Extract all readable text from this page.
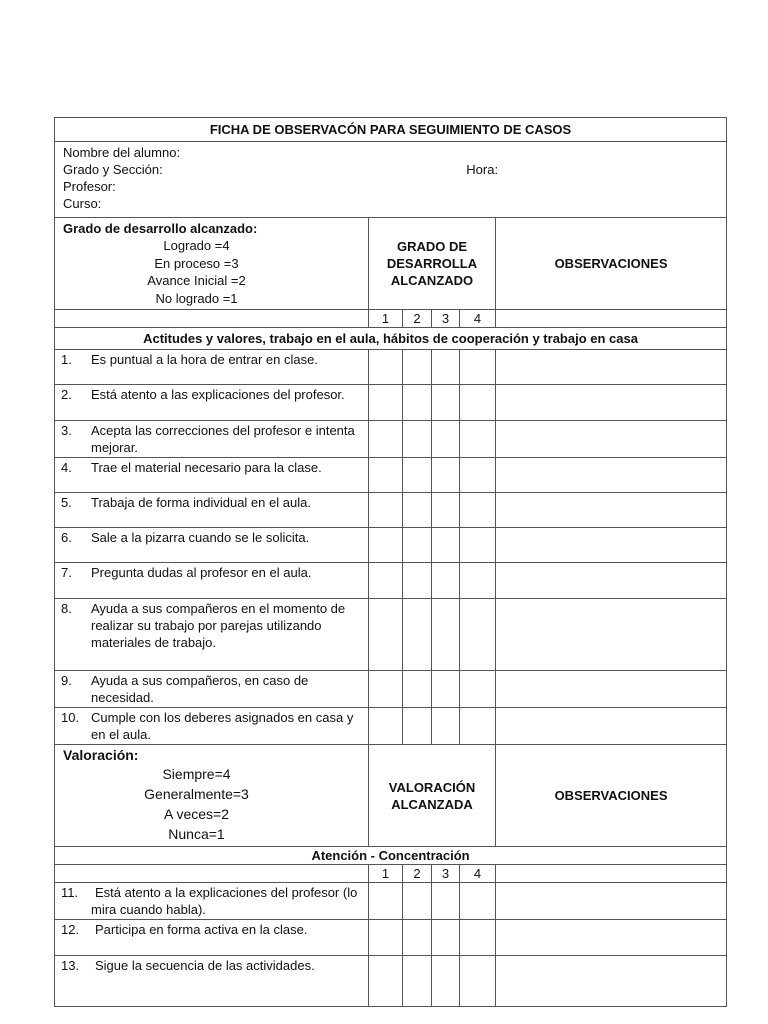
FICHA DE OBSERVACÓN PARA SEGUIMIENTO DE CASOS					

Nombre del alumno:
Grado y Sección: Hora:
Profesor:
Curso:					

Grado de desarrollo alcanzado:
Logrado =4
En proceso =3
Avance Inicial =2
No logrado =1	GRADO DE DESARROLLA ALCANZADO				OBSERVACIONES
	1	2	3	4	
Actitudes y valores, trabajo en el aula, hábitos de cooperación y trabajo en casa					
1. Es puntual a la hora de entrar en clase.					
2. Está atento a las explicaciones del profesor.					
3. Acepta las correcciones del profesor e intenta mejorar.					
4. Trae el material necesario para la clase.					
5. Trabaja de forma individual en el aula.					
6. Sale a la pizarra cuando se le solicita.					
7. Pregunta dudas al profesor en el aula.					
8. Ayuda a sus compañeros en el momento de realizar su trabajo por parejas utilizando materiales de trabajo.					
9. Ayuda a sus compañeros, en caso de necesidad.					
10. Cumple con los deberes asignados en casa y en el aula.					

Valoración:
Siempre=4
Generalmente=3
A veces=2
Nunca=1	VALORACIÓN ALCANZADA				OBSERVACIONES
Atención - Concentración					
	1	2	3	4	
11. Está atento a la explicaciones del profesor (lo mira cuando habla).					
12. Participa en forma activa en la clase.					
13. Sigue la secuencia de las actividades.					
